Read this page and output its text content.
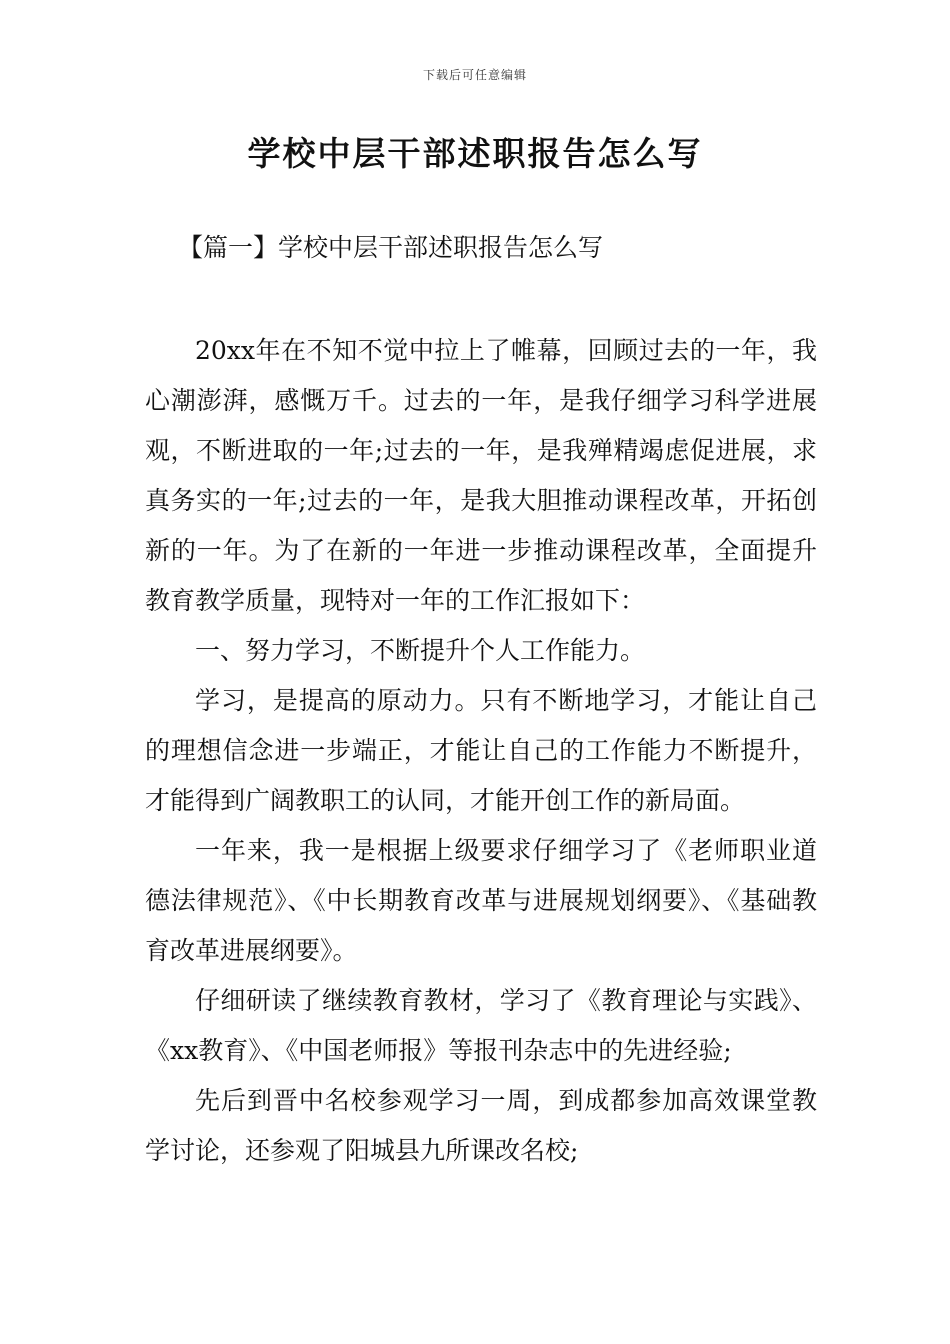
下载后可任意编辑
学校中层干部述职报告怎么写
【篇一】学校中层干部述职报告怎么写

20xx年在不知不觉中拉上了帷幕，回顾过去的一年，我心潮澎湃，感慨万千。过去的一年，是我仔细学习科学进展观，不断进取的一年;过去的一年，是我殚精竭虑促进展，求真务实的一年;过去的一年，是我大胆推动课程改革，开拓创新的一年。为了在新的一年进一步推动课程改革，全面提升教育教学质量，现特对一年的工作汇报如下：

一、努力学习，不断提升个人工作能力。

学习，是提高的原动力。只有不断地学习，才能让自己的理想信念进一步端正，才能让自己的工作能力不断提升，才能得到广阔教职工的认同，才能开创工作的新局面。

一年来，我一是根据上级要求仔细学习了《老师职业道德法律规范》、《中长期教育改革与进展规划纲要》、《基础教育改革进展纲要》。

仔细研读了继续教育教材，学习了《教育理论与实践》、《xx教育》、《中国老师报》等报刊杂志中的先进经验;

先后到晋中名校参观学习一周，到成都参加高效课堂教学讨论，还参观了阳城县九所课改名校;
